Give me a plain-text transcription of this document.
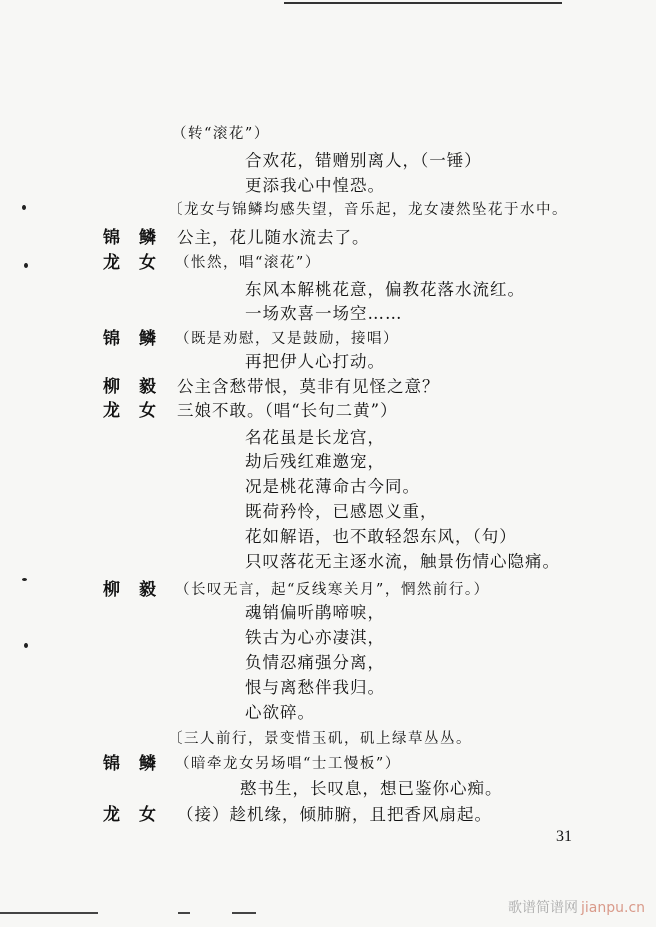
（转“滚花”）
合欢花，错赠别离人，（一锤）
更添我心中惶恐。
〔龙女与锦鳞均感失望，音乐起，龙女凄然坠花于水中。
锦鳞 公主，花儿随水流去了。
龙女 （怅然，唱“滚花”）
东风本解桃花意，偏教花落水流红。
一场欢喜一场空……
锦鳞 （既是劝慰，又是鼓励，接唱）
再把伊人心打动。
柳毅 公主含愁带恨，莫非有见怪之意？
龙女 三娘不敢。（唱“长句二黄”）
名花虽是长龙宫，
劫后残红难邀宠，
况是桃花薄命古今同。
既荷矜怜，已感恩义重，
花如解语，也不敢轻怨东风，（句）
只叹落花无主逐水流，触景伤情心隐痛。
柳毅 （长叹无言，起“反线寒关月”，惘然前行。）
魂销偏听鹃啼唳，
铁古为心亦凄淇，
负情忍痛强分离，
恨与离愁伴我归。
心欲碎。
〔三人前行，景变惜玉矶，矶上绿草丛丛。
锦鳞 （暗牵龙女另场唱“士工慢板”）
憨书生，长叹息，想已鉴你心痴。
龙女 （接）趁机缘，倾肺腑，且把香风扇起。
31
歌谱简谱网 jianpu.cn
